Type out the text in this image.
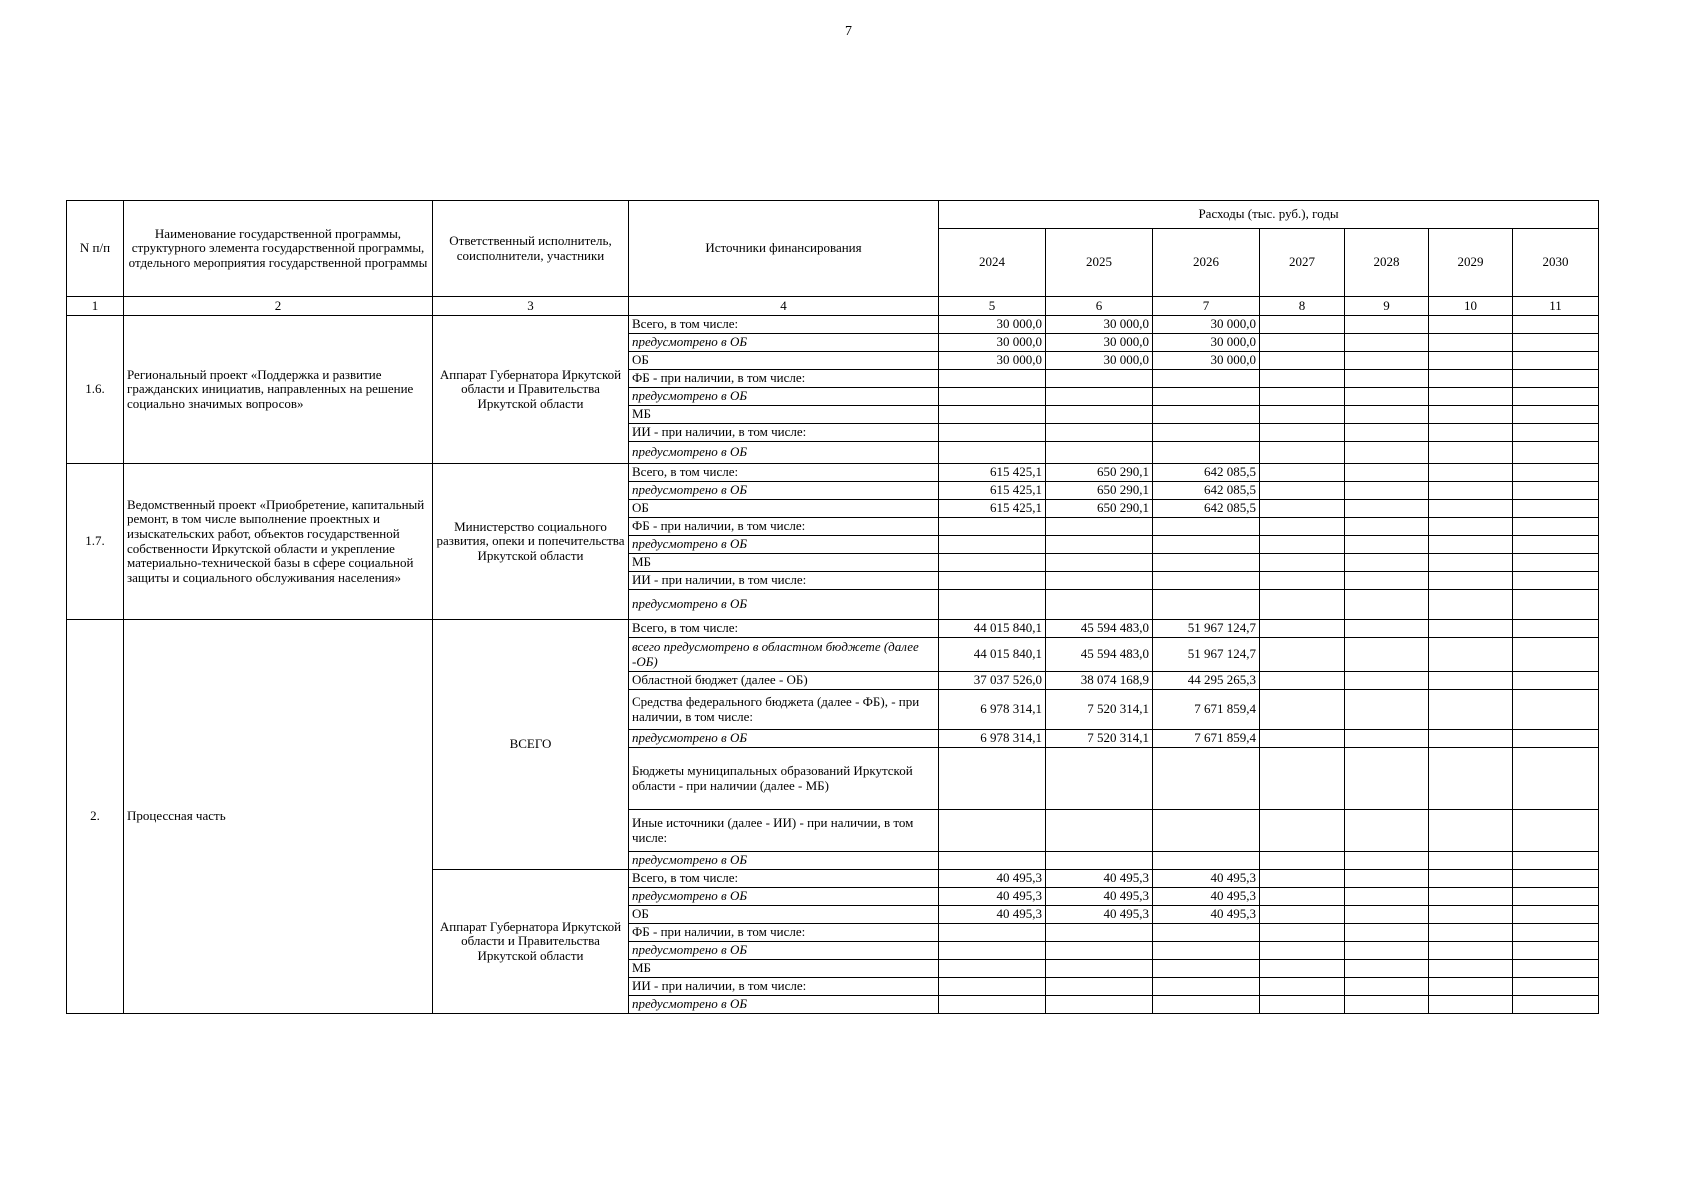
7
N п/п	Наименование государственной программы, структурного элемента государственной программы, отдельного мероприятия государственной программы	Ответственный исполнитель, соисполнители, участники	Источники финансирования	Расходы (тыс. руб.), годы						
				2024	2025	2026	2027	2028	2029	2030
1	2	3	4	5	6	7	8	9	10	11
1.6.	Региональный проект «Поддержка и развитие гражданских инициатив, направленных на решение социально значимых вопросов»	Аппарат Губернатора Иркутской области и Правительства Иркутской области	Всего, в том числе:	30 000,0	30 000,0	30 000,0				
			предусмотрено в ОБ	30 000,0	30 000,0	30 000,0				
			ОБ	30 000,0	30 000,0	30 000,0				
			ФБ - при наличии, в том числе:							
			предусмотрено в ОБ							
			МБ							
			ИИ - при наличии, в том числе:							
			предусмотрено в ОБ							
1.7.	Ведомственный проект «Приобретение, капитальный ремонт, в том числе выполнение проектных и изыскательских работ, объектов государственной собственности Иркутской области и укрепление материально-технической базы в сфере социальной защиты и социального обслуживания населения»	Министерство социального развития, опеки и попечительства Иркутской области	Всего, в том числе:	615 425,1	650 290,1	642 085,5				
			предусмотрено в ОБ	615 425,1	650 290,1	642 085,5				
			ОБ	615 425,1	650 290,1	642 085,5				
			ФБ - при наличии, в том числе:							
			предусмотрено в ОБ							
			МБ							
			ИИ - при наличии, в том числе:							
			предусмотрено в ОБ							
2.	Процессная часть	ВСЕГО	Всего, в том числе:	44 015 840,1	45 594 483,0	51 967 124,7				
			всего предусмотрено в областном бюджете (далее -ОБ)	44 015 840,1	45 594 483,0	51 967 124,7				
			Областной бюджет (далее - ОБ)	37 037 526,0	38 074 168,9	44 295 265,3				
			Средства федерального бюджета (далее - ФБ), - при наличии, в том числе:	6 978 314,1	7 520 314,1	7 671 859,4				
			предусмотрено в ОБ	6 978 314,1	7 520 314,1	7 671 859,4				
			Бюджеты муниципальных образований Иркутской области - при наличии (далее - МБ)							
			Иные источники (далее - ИИ) - при наличии, в том числе:							
			предусмотрено в ОБ							
		Аппарат Губернатора Иркутской области и Правительства Иркутской области	Всего, в том числе:	40 495,3	40 495,3	40 495,3				
			предусмотрено в ОБ	40 495,3	40 495,3	40 495,3				
			ОБ	40 495,3	40 495,3	40 495,3				
			ФБ - при наличии, в том числе:							
			предусмотрено в ОБ							
			МБ							
			ИИ - при наличии, в том числе:							
			предусмотрено в ОБ							
